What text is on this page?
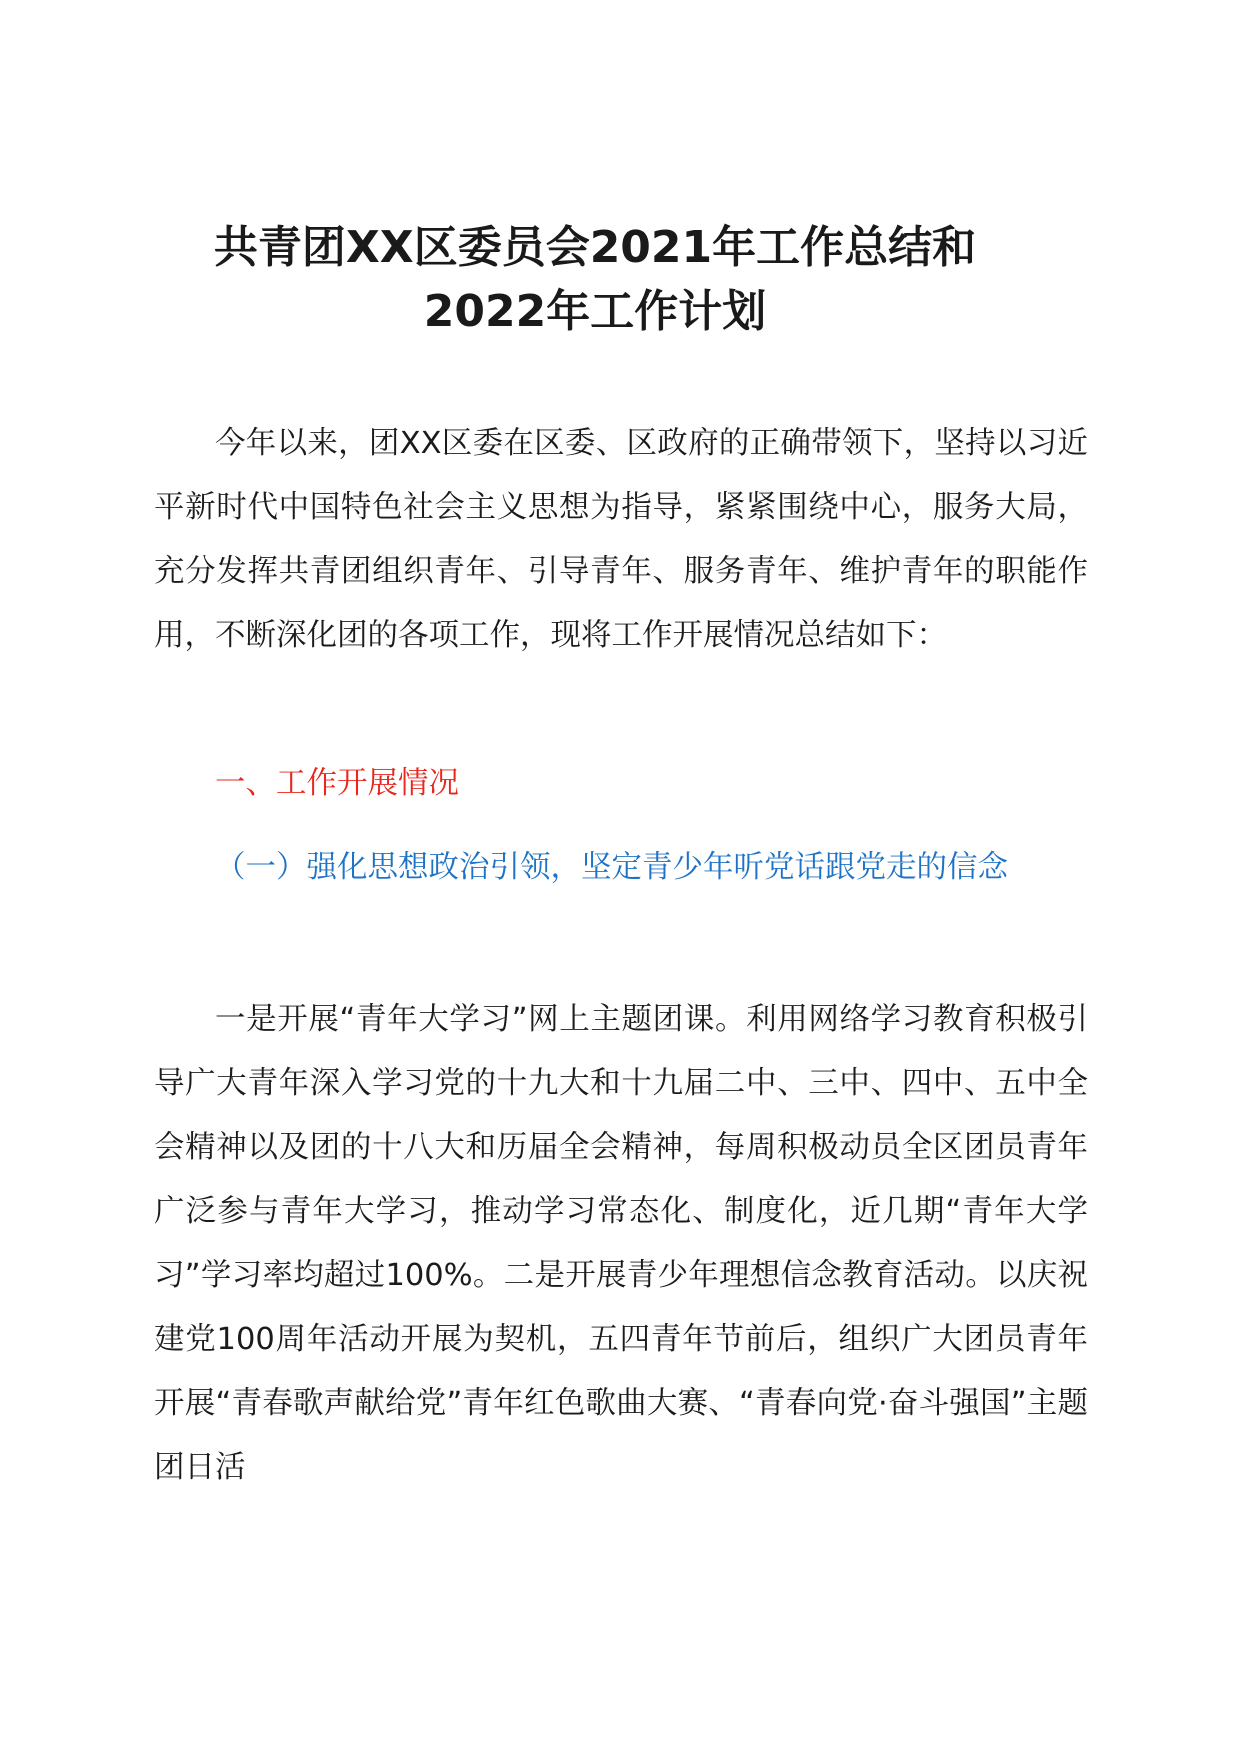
共青团XX区委员会2021年工作总结和
2022年工作计划

今年以来，团XX区委在区委、区政府的正确带领下，坚持以习近平新时代中国特色社会主义思想为指导，紧紧围绕中心，服务大局，充分发挥共青团组织青年、引导青年、服务青年、维护青年的职能作用，不断深化团的各项工作，现将工作开展情况总结如下：

一、工作开展情况

（一）强化思想政治引领，坚定青少年听党话跟党走的信念

一是开展“青年大学习”网上主题团课。利用网络学习教育积极引导广大青年深入学习党的十九大和十九届二中、三中、四中、五中全会精神以及团的十八大和历届全会精神，每周积极动员全区团员青年广泛参与青年大学习，推动学习常态化、制度化，近几期“青年大学习”学习率均超过100%。二是开展青少年理想信念教育活动。以庆祝建党100周年活动开展为契机，五四青年节前后，组织广大团员青年开展“青春歌声献给党”青年红色歌曲大赛、“青春向党·奋斗强国”主题团日活
